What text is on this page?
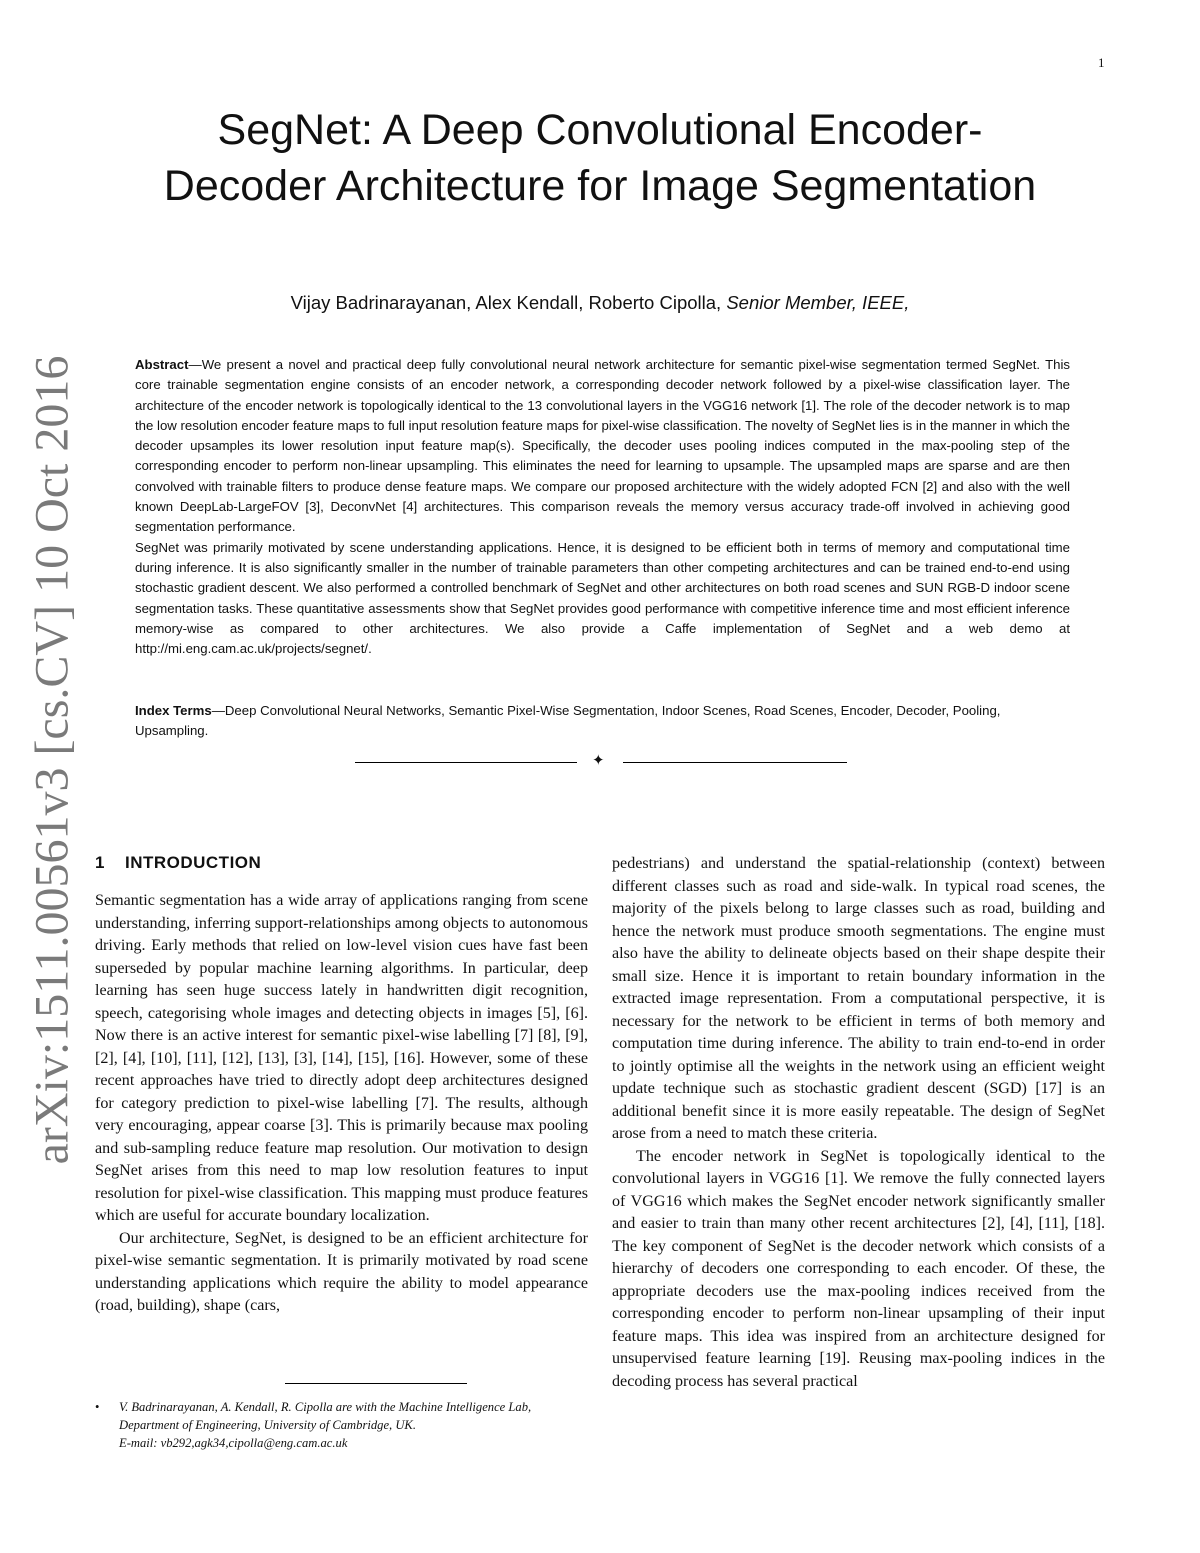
1
arXiv:1511.00561v3 [cs.CV] 10 Oct 2016
SegNet: A Deep Convolutional Encoder-Decoder Architecture for Image Segmentation
Vijay Badrinarayanan, Alex Kendall, Roberto Cipolla, Senior Member, IEEE,

Abstract—We present a novel and practical deep fully convolutional neural network architecture for semantic pixel-wise segmentation termed SegNet. This core trainable segmentation engine consists of an encoder network, a corresponding decoder network followed by a pixel-wise classification layer. The architecture of the encoder network is topologically identical to the 13 convolutional layers in the VGG16 network [1]. The role of the decoder network is to map the low resolution encoder feature maps to full input resolution feature maps for pixel-wise classification. The novelty of SegNet lies is in the manner in which the decoder upsamples its lower resolution input feature map(s). Specifically, the decoder uses pooling indices computed in the max-pooling step of the corresponding encoder to perform non-linear upsampling. This eliminates the need for learning to upsample. The upsampled maps are sparse and are then convolved with trainable filters to produce dense feature maps. We compare our proposed architecture with the widely adopted FCN [2] and also with the well known DeepLab-LargeFOV [3], DeconvNet [4] architectures. This comparison reveals the memory versus accuracy trade-off involved in achieving good segmentation performance.

SegNet was primarily motivated by scene understanding applications. Hence, it is designed to be efficient both in terms of memory and computational time during inference. It is also significantly smaller in the number of trainable parameters than other competing architectures and can be trained end-to-end using stochastic gradient descent. We also performed a controlled benchmark of SegNet and other architectures on both road scenes and SUN RGB-D indoor scene segmentation tasks. These quantitative assessments show that SegNet provides good performance with competitive inference time and most efficient inference memory-wise as compared to other architectures. We also provide a Caffe implementation of SegNet and a web demo at http://mi.eng.cam.ac.uk/projects/segnet/.

Index Terms—Deep Convolutional Neural Networks, Semantic Pixel-Wise Segmentation, Indoor Scenes, Road Scenes, Encoder, Decoder, Pooling, Upsampling.

✦
1 INTRODUCTION

Semantic segmentation has a wide array of applications ranging from scene understanding, inferring support-relationships among objects to autonomous driving. Early methods that relied on low-level vision cues have fast been superseded by popular machine learning algorithms. In particular, deep learning has seen huge success lately in handwritten digit recognition, speech, categorising whole images and detecting objects in images [5], [6]. Now there is an active interest for semantic pixel-wise labelling [7] [8], [9], [2], [4], [10], [11], [12], [13], [3], [14], [15], [16]. However, some of these recent approaches have tried to directly adopt deep architectures designed for category prediction to pixel-wise labelling [7]. The results, although very encouraging, appear coarse [3]. This is primarily because max pooling and sub-sampling reduce feature map resolution. Our motivation to design SegNet arises from this need to map low resolution features to input resolution for pixel-wise classification. This mapping must produce features which are useful for accurate boundary localization.

Our architecture, SegNet, is designed to be an efficient architecture for pixel-wise semantic segmentation. It is primarily motivated by road scene understanding applications which require the ability to model appearance (road, building), shape (cars,

pedestrians) and understand the spatial-relationship (context) between different classes such as road and side-walk. In typical road scenes, the majority of the pixels belong to large classes such as road, building and hence the network must produce smooth segmentations. The engine must also have the ability to delineate objects based on their shape despite their small size. Hence it is important to retain boundary information in the extracted image representation. From a computational perspective, it is necessary for the network to be efficient in terms of both memory and computation time during inference. The ability to train end-to-end in order to jointly optimise all the weights in the network using an efficient weight update technique such as stochastic gradient descent (SGD) [17] is an additional benefit since it is more easily repeatable. The design of SegNet arose from a need to match these criteria.

The encoder network in SegNet is topologically identical to the convolutional layers in VGG16 [1]. We remove the fully connected layers of VGG16 which makes the SegNet encoder network significantly smaller and easier to train than many other recent architectures [2], [4], [11], [18]. The key component of SegNet is the decoder network which consists of a hierarchy of decoders one corresponding to each encoder. Of these, the appropriate decoders use the max-pooling indices received from the corresponding encoder to perform non-linear upsampling of their input feature maps. This idea was inspired from an architecture designed for unsupervised feature learning [19]. Reusing max-pooling indices in the decoding process has several practical

• V. Badrinarayanan, A. Kendall, R. Cipolla are with the Machine Intelligence Lab, Department of Engineering, University of Cambridge, UK.
E-mail: vb292,agk34,cipolla@eng.cam.ac.uk
